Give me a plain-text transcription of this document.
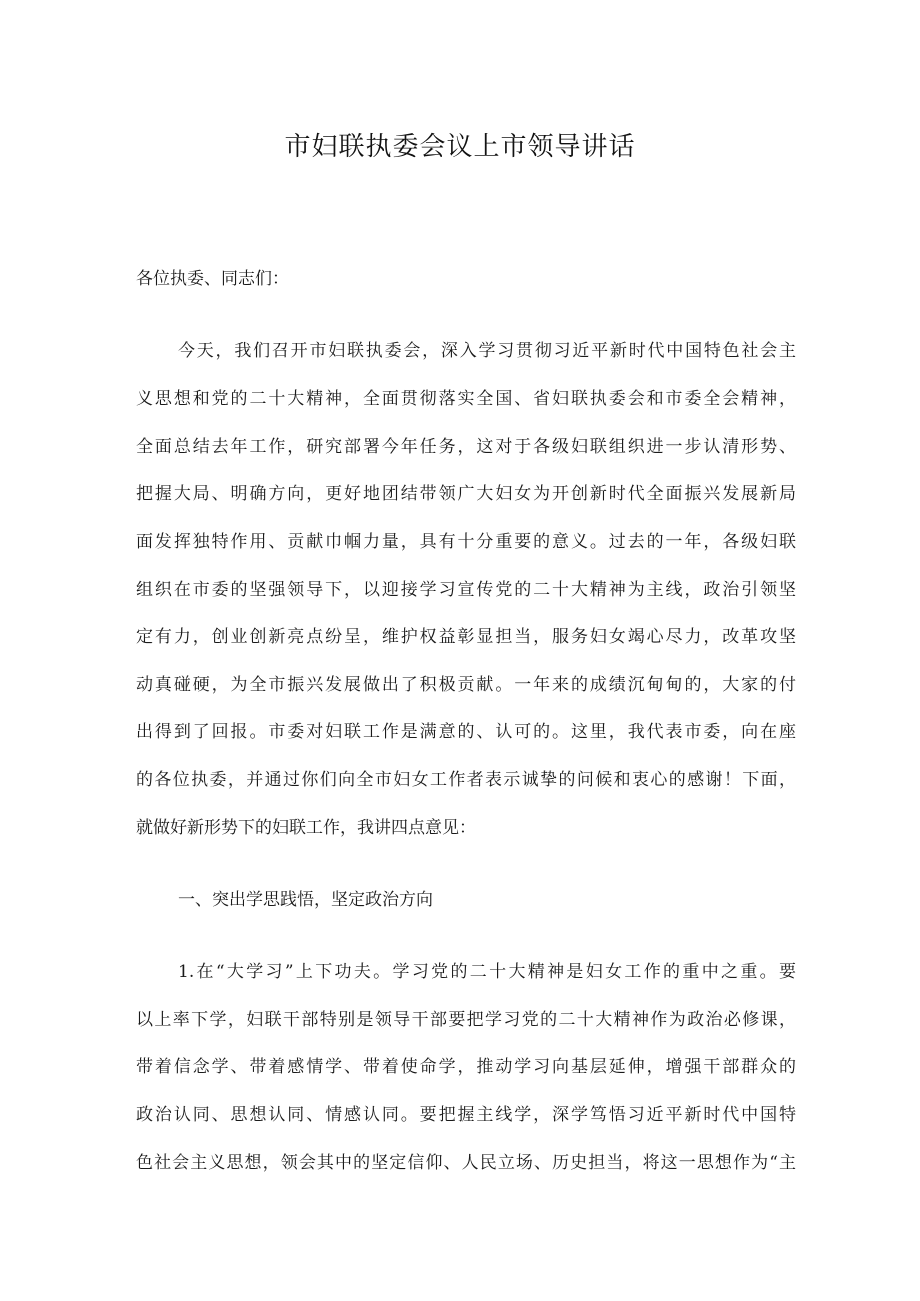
市妇联执委会议上市领导讲话
各位执委、同志们：
今天，我们召开市妇联执委会，深入学习贯彻习近平新时代中国特色社会主
义思想和党的二十大精神，全面贯彻落实全国、省妇联执委会和市委全会精神，
全面总结去年工作，研究部署今年任务，这对于各级妇联组织进一步认清形势、
把握大局、明确方向，更好地团结带领广大妇女为开创新时代全面振兴发展新局
面发挥独特作用、贡献巾帼力量，具有十分重要的意义。过去的一年，各级妇联
组织在市委的坚强领导下，以迎接学习宣传党的二十大精神为主线，政治引领坚
定有力，创业创新亮点纷呈，维护权益彰显担当，服务妇女竭心尽力，改革攻坚
动真碰硬，为全市振兴发展做出了积极贡献。一年来的成绩沉甸甸的，大家的付
出得到了回报。市委对妇联工作是满意的、认可的。这里，我代表市委，向在座
的各位执委，并通过你们向全市妇女工作者表示诚挚的问候和衷心的感谢！下面，
就做好新形势下的妇联工作，我讲四点意见：
一、突出学思践悟，坚定政治方向
1.在“大学习”上下功夫。学习党的二十大精神是妇女工作的重中之重。要
以上率下学，妇联干部特别是领导干部要把学习党的二十大精神作为政治必修课，
带着信念学、带着感情学、带着使命学，推动学习向基层延伸，增强干部群众的
政治认同、思想认同、情感认同。要把握主线学，深学笃悟习近平新时代中国特
色社会主义思想，领会其中的坚定信仰、人民立场、历史担当，将这一思想作为“主
